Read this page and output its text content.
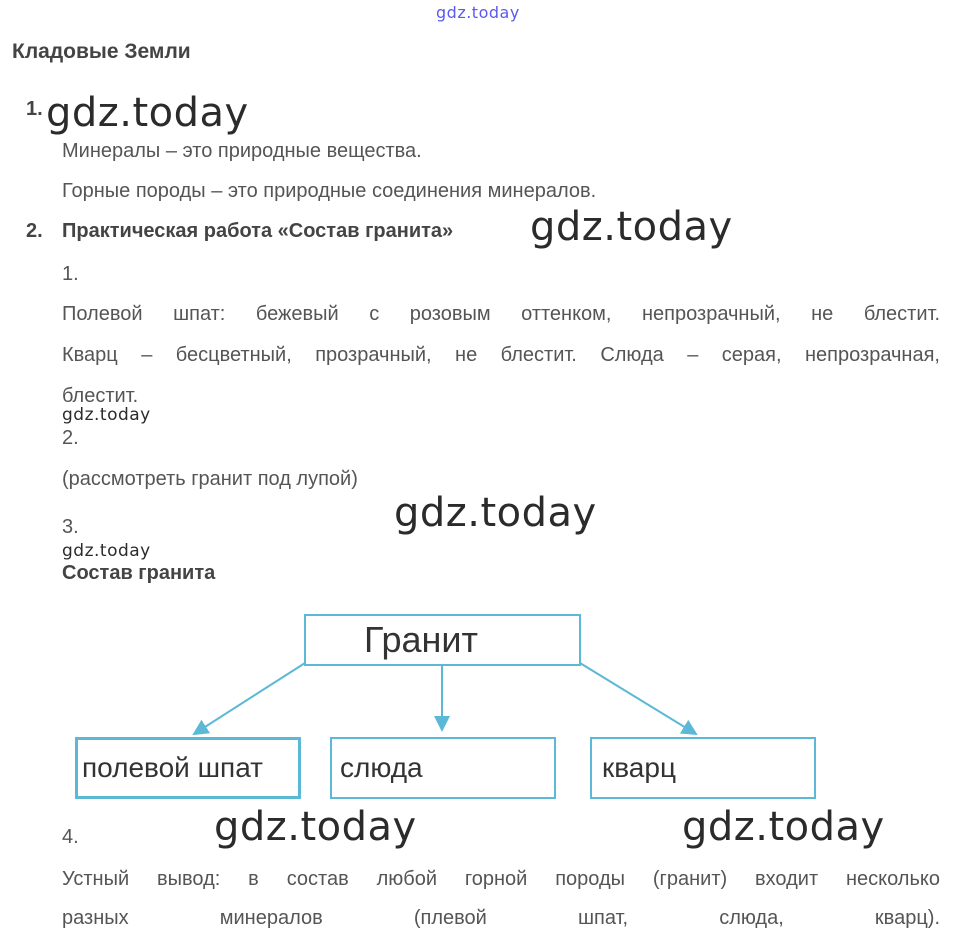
gdz.today
gdz.today
gdz.today
gdz.today
gdz.today
gdz.today
gdz.today	gdz.today
Кладовые Земли
1.
Минералы – это природные вещества.
Горные породы – это природные соединения минералов.
2. Практическая работа «Состав гранита»
1.
Полевой шпат: бежевый с розовым оттенком, непрозрачный, не блестит.
Кварц – бесцветный, прозрачный, не блестит. Слюда – серая, непрозрачная,
блестит.
2.
(рассмотреть гранит под лупой)
3.
Состав гранита
Гранит
полевой шпат	слюда	кварц
4.
Устный вывод: в состав любой горной породы (гранит) входит несколько
разных минералов (плевой шпат, слюда, кварц).
